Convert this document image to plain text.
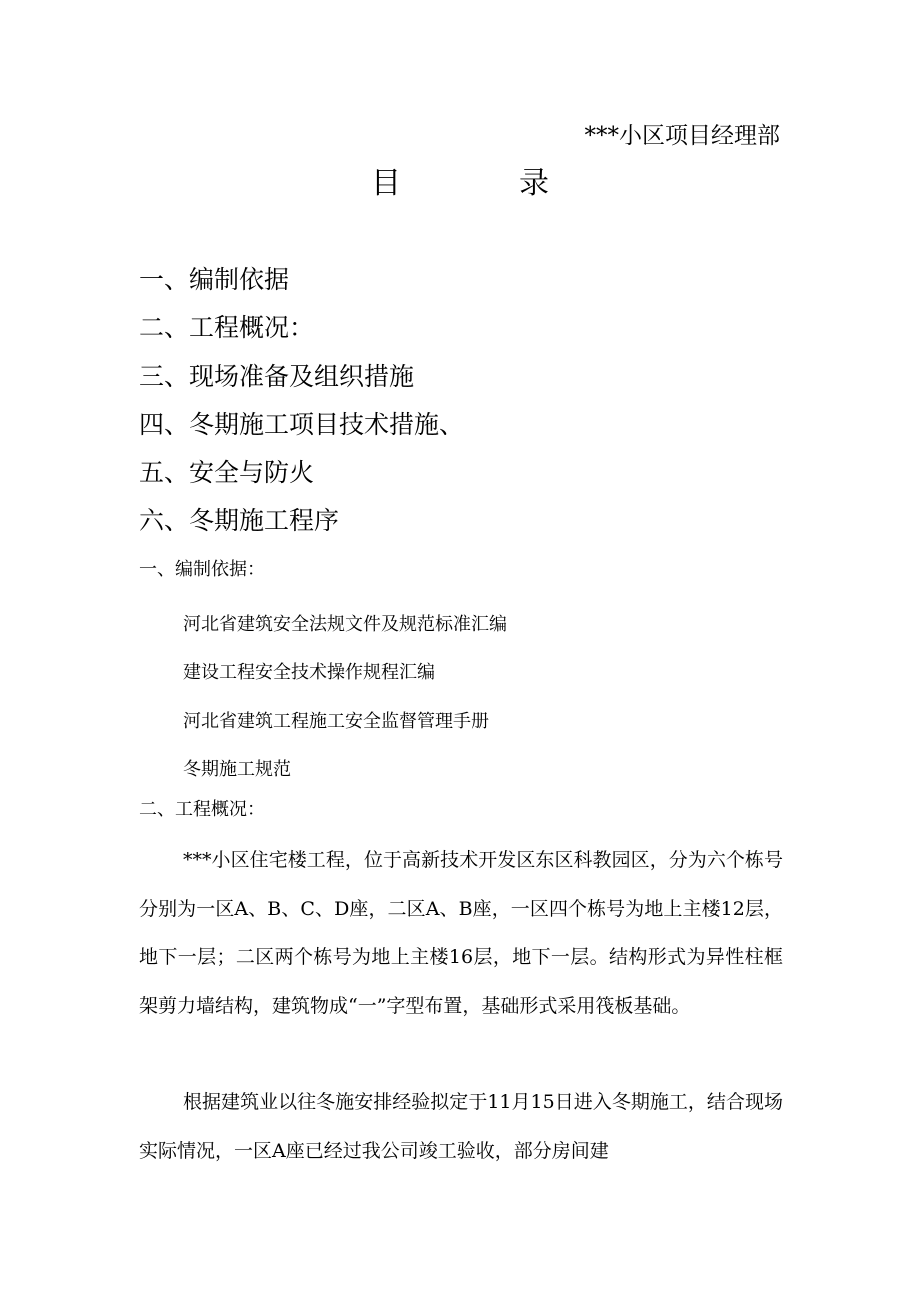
***小区项目经理部
目	录
一、编制依据
二、工程概况：
三、现场准备及组织措施
四、冬期施工项目技术措施、
五、安全与防火
六、冬期施工程序
一、编制依据：
河北省建筑安全法规文件及规范标准汇编
建设工程安全技术操作规程汇编
河北省建筑工程施工安全监督管理手册
冬期施工规范
二、工程概况：

***小区住宅楼工程，位于高新技术开发区东区科教园区，分为六个栋号分别为一区A、B、C、D座，二区A、B座，一区四个栋号为地上主楼12层，地下一层；二区两个栋号为地上主楼16层，地下一层。结构形式为异性柱框架剪力墙结构，建筑物成“一”字型布置，基础形式采用筏板基础。

根据建筑业以往冬施安排经验拟定于11月15日进入冬期施工，结合现场实际情况，一区A座已经过我公司竣工验收，部分房间建
